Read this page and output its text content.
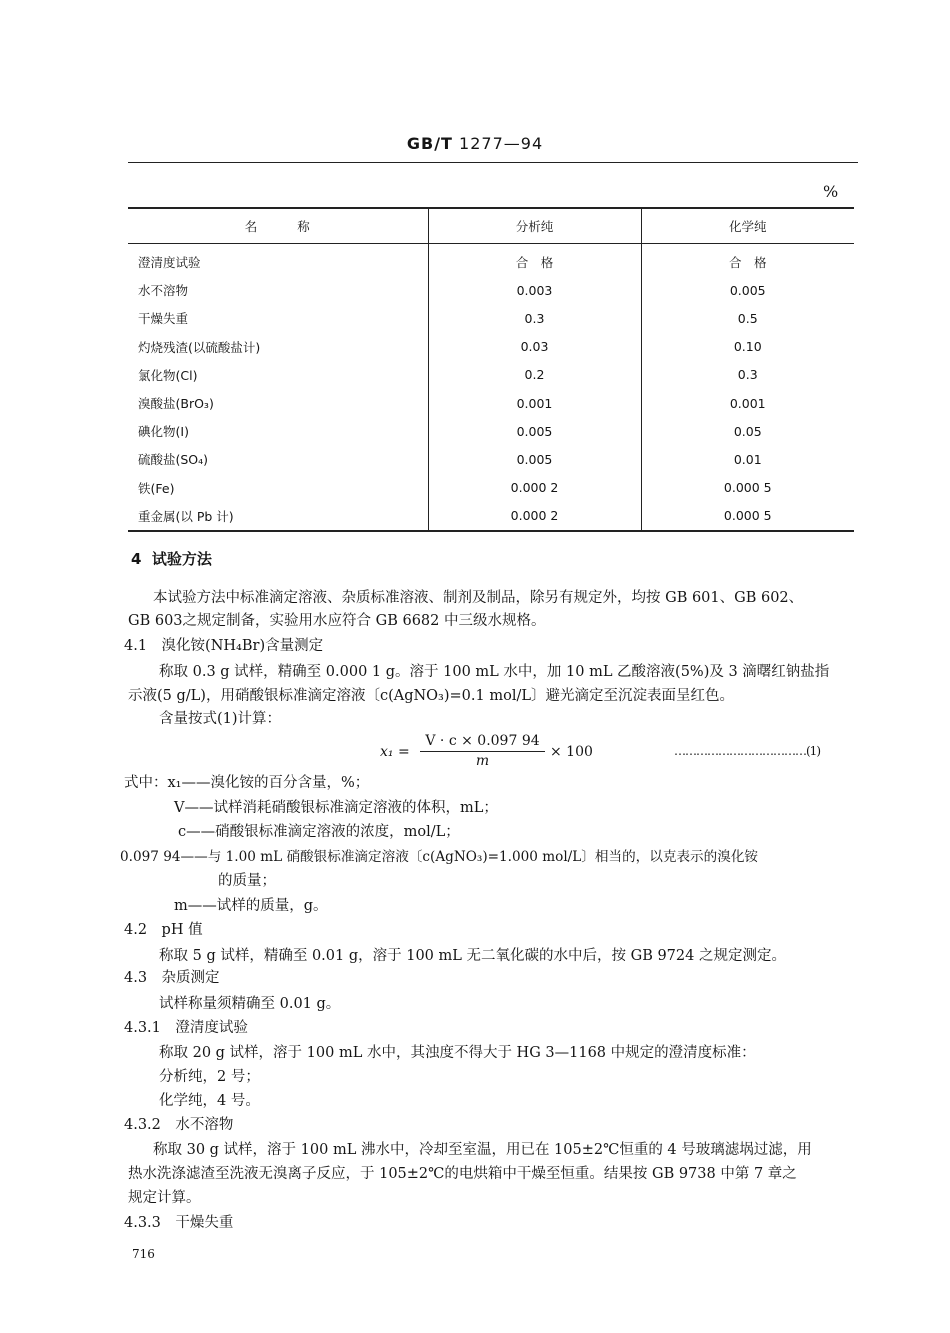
GB/T 1277—94
%
名称	分析纯	化学纯
澄清度试验	合　格	合　格
水不溶物	0.003	0.005
干燥失重	0.3	0.5
灼烧残渣(以硫酸盐计)	0.03	0.10
氯化物(Cl)	0.2	0.3
溴酸盐(BrO₃)	0.001	0.001
碘化物(I)	0.005	0.05
硫酸盐(SO₄)	0.005	0.01
铁(Fe)	0.000 2	0.000 5
重金属(以 Pb 计)	0.000 2	0.000 5
4 试验方法
本试验方法中标准滴定溶液、杂质标准溶液、制剂及制品，除另有规定外，均按 GB 601、GB 602、
GB 603之规定制备，实验用水应符合 GB 6682 中三级水规格。
4.1　溴化铵(NH₄Br)含量测定
称取 0.3 g 试样，精确至 0.000 1 g。溶于 100 mL 水中，加 10 mL 乙酸溶液(5%)及 3 滴曙红钠盐指
示液(5 g/L)，用硝酸银标准滴定溶液〔c(AgNO₃)=0.1 mol/L〕避光滴定至沉淀表面呈红色。
含量按式(1)计算：
$x_1 = \frac{V \cdot c \times 0.097 94}{m} \times 100$	………………………………(1)
式中：x₁——溴化铵的百分含量，%；
V——试样消耗硝酸银标准滴定溶液的体积，mL；
c——硝酸银标准滴定溶液的浓度，mol/L；
0.097 94——与 1.00 mL 硝酸银标准滴定溶液〔c(AgNO₃)=1.000 mol/L〕相当的，以克表示的溴化铵
的质量；
m——试样的质量，g。
4.2　pH 值
称取 5 g 试样，精确至 0.01 g，溶于 100 mL 无二氧化碳的水中后，按 GB 9724 之规定测定。
4.3　杂质测定
试样称量须精确至 0.01 g。
4.3.1　澄清度试验
称取 20 g 试样，溶于 100 mL 水中，其浊度不得大于 HG 3—1168 中规定的澄清度标准：
分析纯，2 号；
化学纯，4 号。
4.3.2　水不溶物
称取 30 g 试样，溶于 100 mL 沸水中，冷却至室温，用已在 105±2℃恒重的 4 号玻璃滤埚过滤，用
热水洗涤滤渣至洗液无溴离子反应，于 105±2℃的电烘箱中干燥至恒重。结果按 GB 9738 中第 7 章之
规定计算。
4.3.3　干燥失重
716
